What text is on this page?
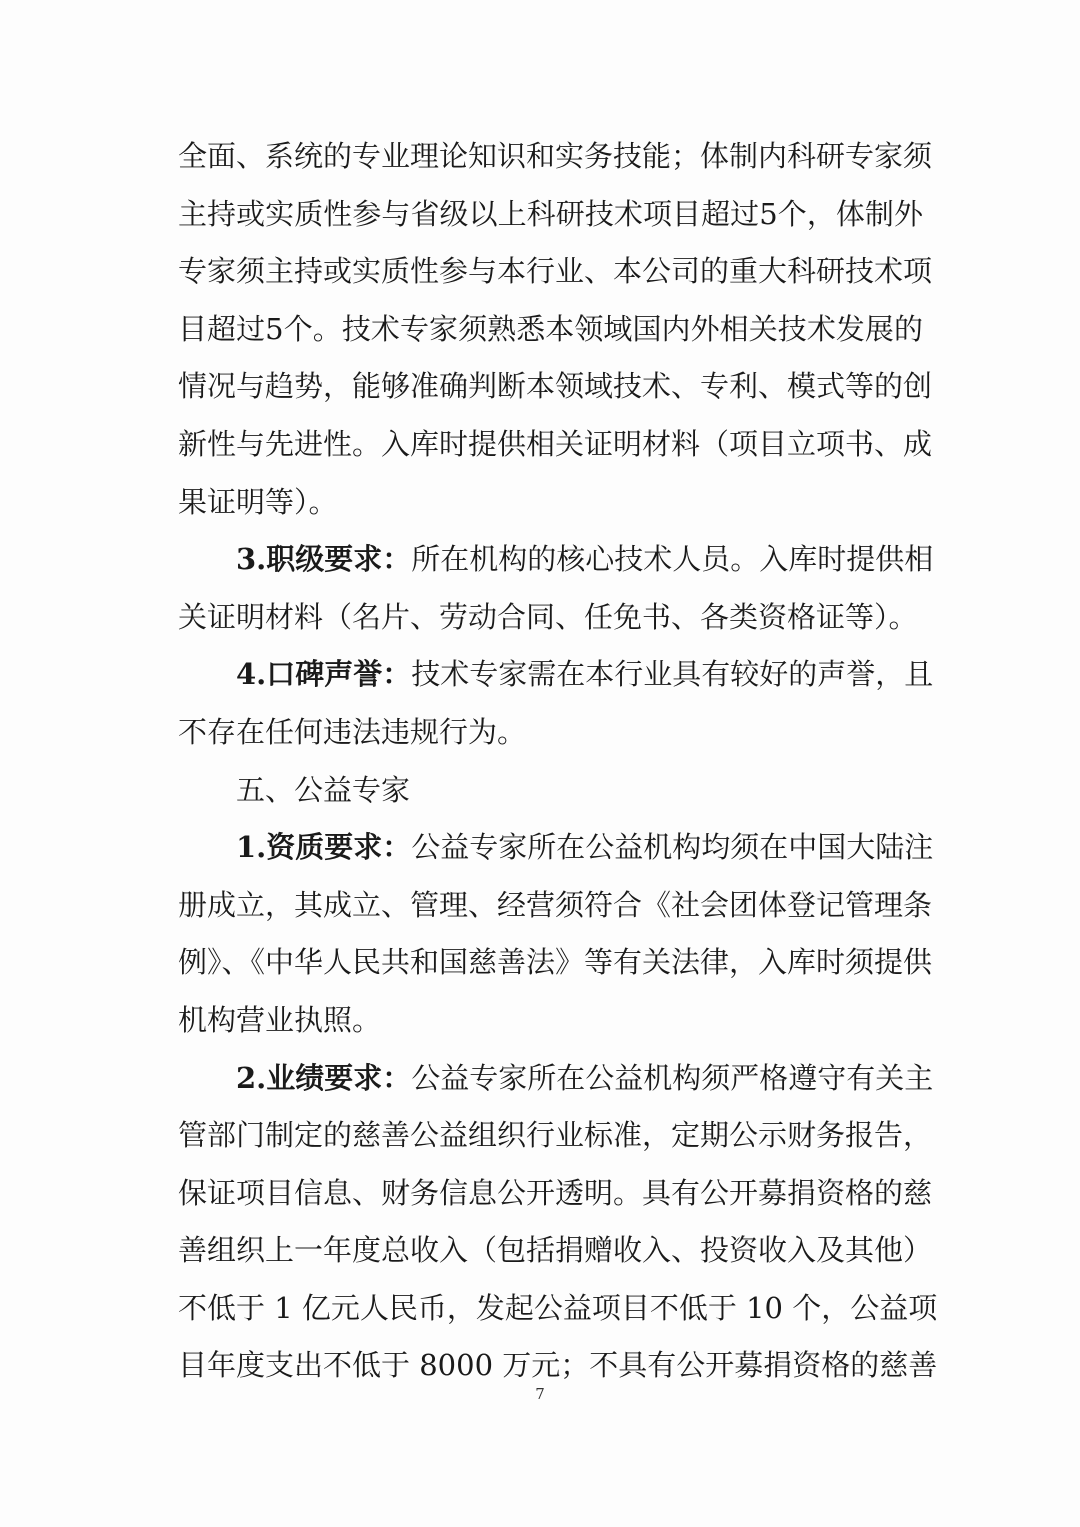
全面、系统的专业理论知识和实务技能；体制内科研专家须
主持或实质性参与省级以上科研技术项目超过5个，体制外
专家须主持或实质性参与本行业、本公司的重大科研技术项
目超过5个。技术专家须熟悉本领域国内外相关技术发展的
情况与趋势，能够准确判断本领域技术、专利、模式等的创
新性与先进性。入库时提供相关证明材料（项目立项书、成
果证明等）。
3.职级要求：所在机构的核心技术人员。入库时提供相
关证明材料（名片、劳动合同、任免书、各类资格证等）。
4.口碑声誉：技术专家需在本行业具有较好的声誉，且
不存在任何违法违规行为。
五、公益专家
1.资质要求：公益专家所在公益机构均须在中国大陆注
册成立，其成立、管理、经营须符合《社会团体登记管理条
例》、《中华人民共和国慈善法》等有关法律，入库时须提供
机构营业执照。
2.业绩要求：公益专家所在公益机构须严格遵守有关主
管部门制定的慈善公益组织行业标准，定期公示财务报告，
保证项目信息、财务信息公开透明。具有公开募捐资格的慈
善组织上一年度总收入（包括捐赠收入、投资收入及其他）
不低于 1 亿元人民币，发起公益项目不低于 10 个，公益项
目年度支出不低于 8000 万元；不具有公开募捐资格的慈善
7
